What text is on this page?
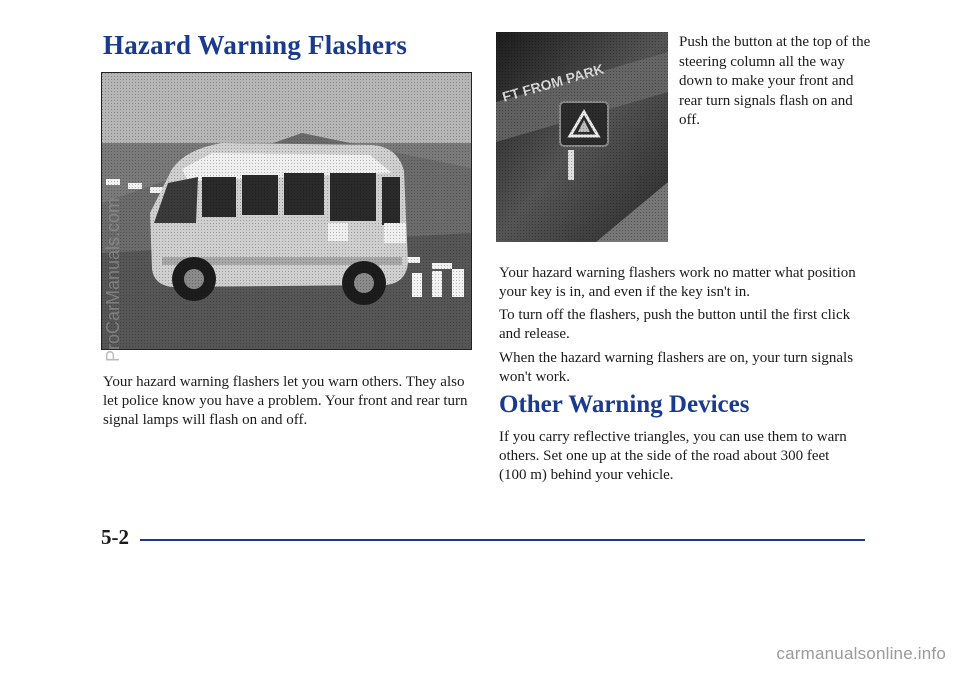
Hazard Warning Flashers	Push the button at the top of the steering column all the way down to make your front and rear turn signals flash on and off.

Your hazard warning flashers let you warn others. They also let police know you have a problem. Your front and rear turn signal lamps will flash on and off.

Your hazard warning flashers work no matter what position your key is in, and even if the key isn't in.

To turn off the flashers, push the button until the first click and release.

When the hazard warning flashers are on, your turn signals won't work.

Other Warning Devices

If you carry reflective triangles, you can use them to warn others. Set one up at the side of the road about 300 feet (100 m) behind your vehicle.

5-2
ProCarManuals.com
carmanualsonline.info
